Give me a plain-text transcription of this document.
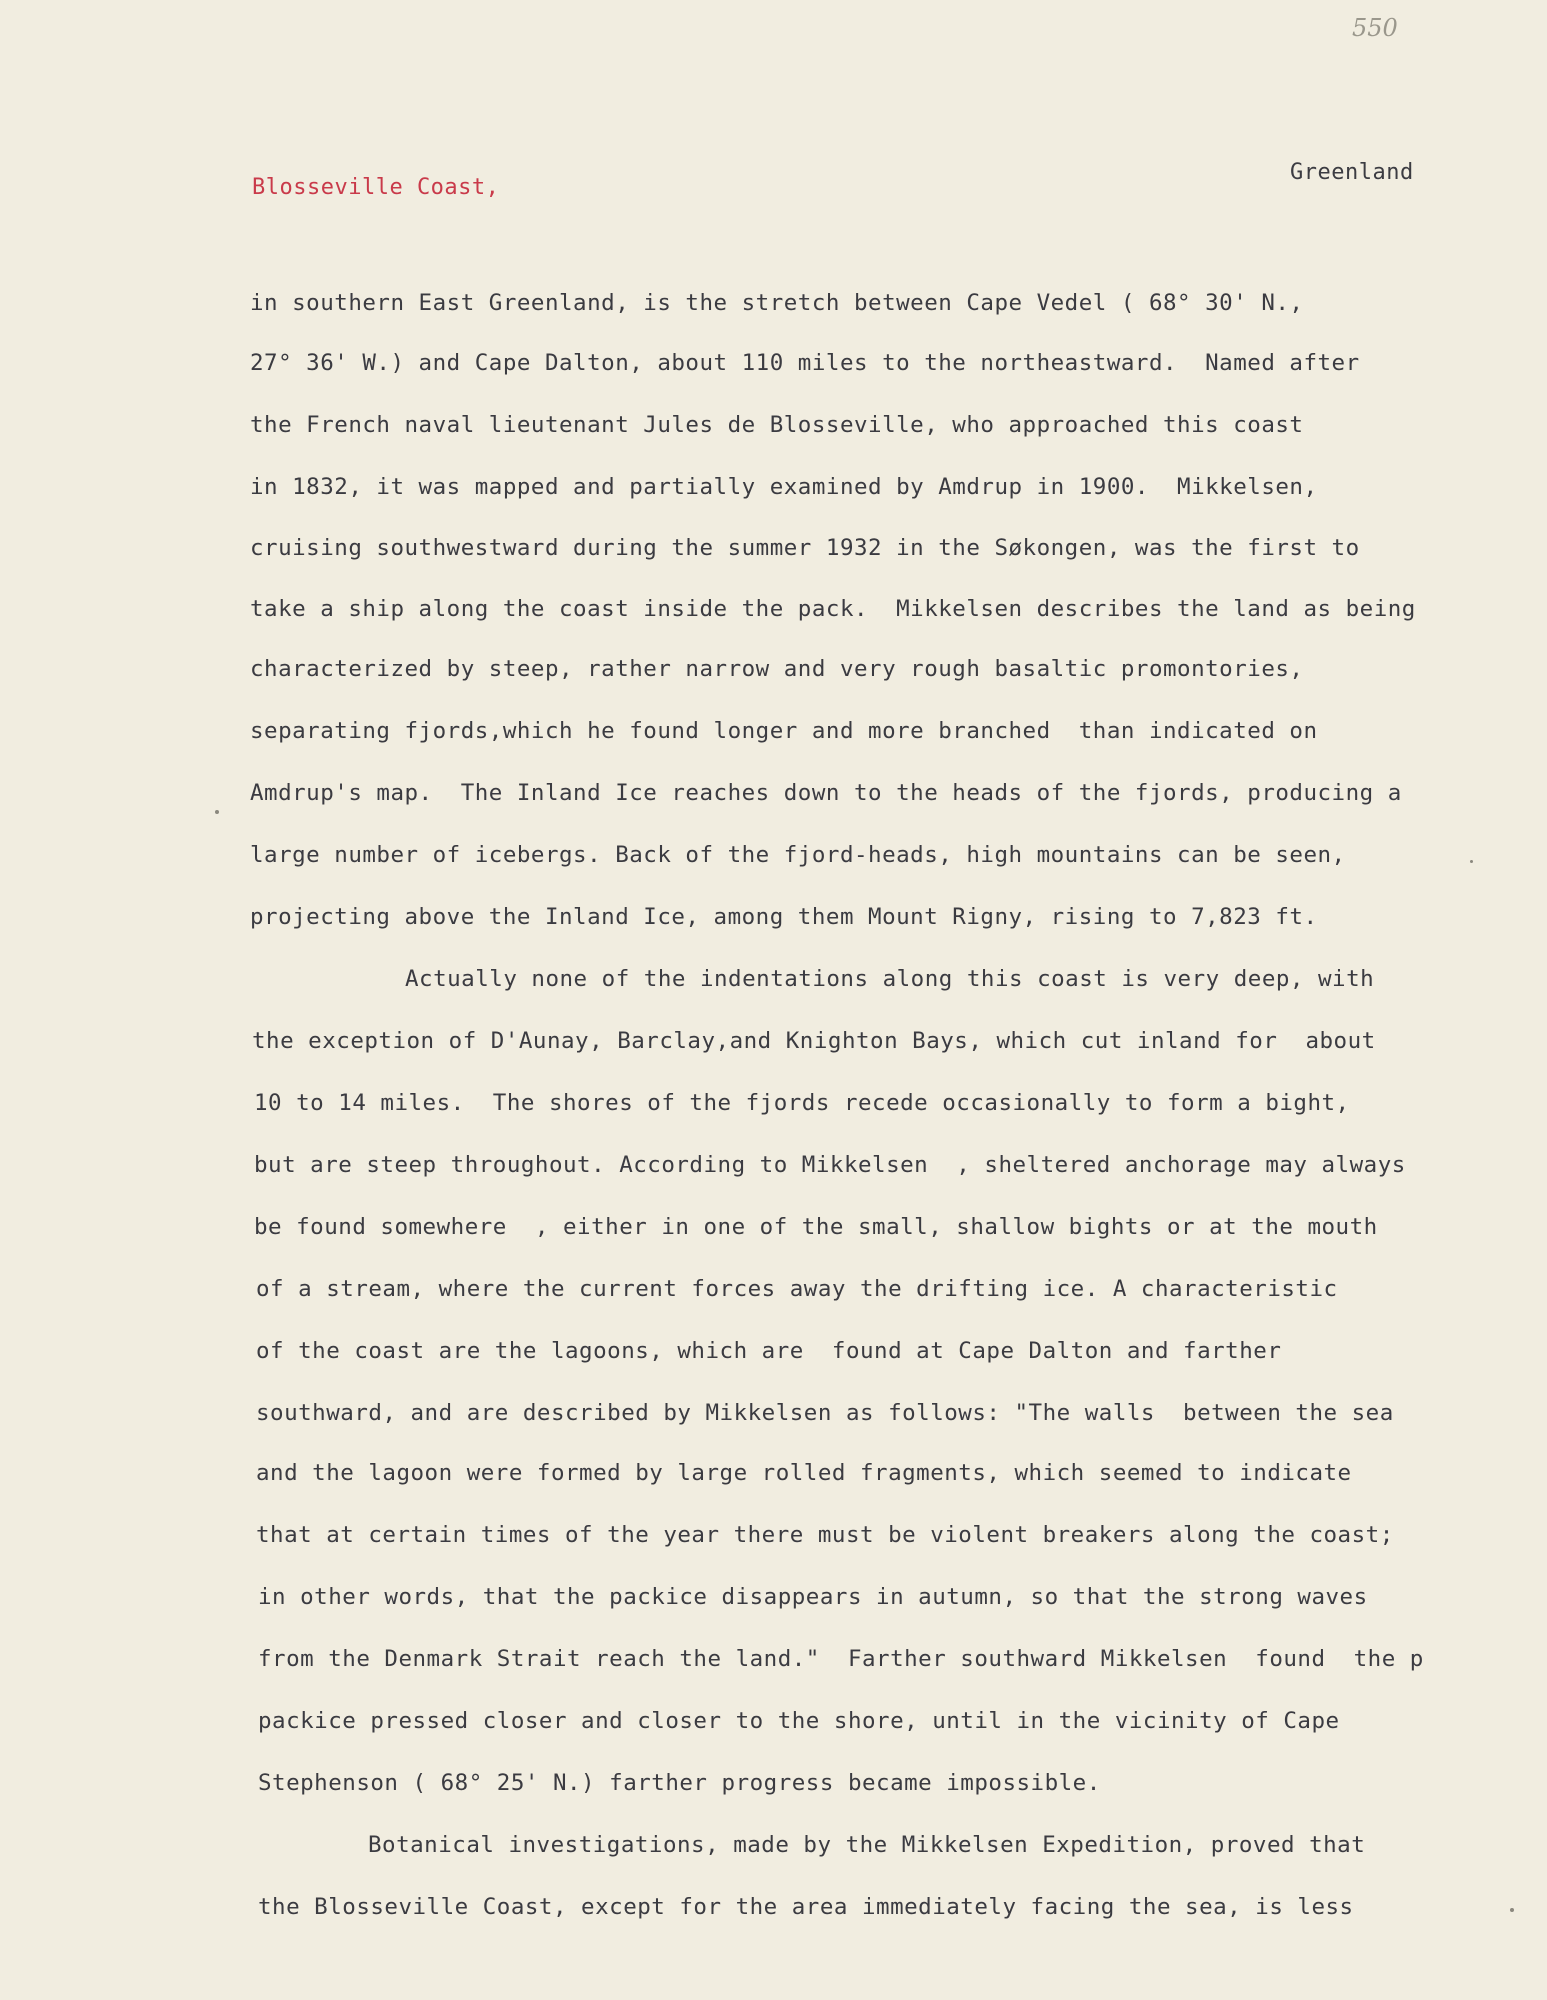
550
Blosseville Coast,
Greenland
in southern East Greenland, is the stretch between Cape Vedel ( 68° 30' N.,
27° 36' W.) and Cape Dalton, about 110 miles to the northeastward.  Named after
the French naval lieutenant Jules de Blosseville, who approached this coast
in 1832, it was mapped and partially examined by Amdrup in 1900.  Mikkelsen,
cruising southwestward during the summer 1932 in the Søkongen, was the first to
take a ship along the coast inside the pack.  Mikkelsen describes the land as being
characterized by steep, rather narrow and very rough basaltic promontories,
separating fjords,which he found longer and more branched  than indicated on
Amdrup's map.  The Inland Ice reaches down to the heads of the fjords, producing a
large number of icebergs. Back of the fjord-heads, high mountains can be seen,
projecting above the Inland Ice, among them Mount Rigny, rising to 7,823 ft.
Actually none of the indentations along this coast is very deep, with
the exception of D'Aunay, Barclay,and Knighton Bays, which cut inland for  about
10 to 14 miles.  The shores of the fjords recede occasionally to form a bight,
but are steep throughout. According to Mikkelsen  , sheltered anchorage may always
be found somewhere  , either in one of the small, shallow bights or at the mouth
of a stream, where the current forces away the drifting ice. A characteristic
of the coast are the lagoons, which are  found at Cape Dalton and farther
southward, and are described by Mikkelsen as follows: "The walls  between the sea
and the lagoon were formed by large rolled fragments, which seemed to indicate
that at certain times of the year there must be violent breakers along the coast;
in other words, that the packice disappears in autumn, so that the strong waves
from the Denmark Strait reach the land."  Farther southward Mikkelsen  found  the p
packice pressed closer and closer to the shore, until in the vicinity of Cape
Stephenson ( 68° 25' N.) farther progress became impossible.
Botanical investigations, made by the Mikkelsen Expedition, proved that
the Blosseville Coast, except for the area immediately facing the sea, is less
